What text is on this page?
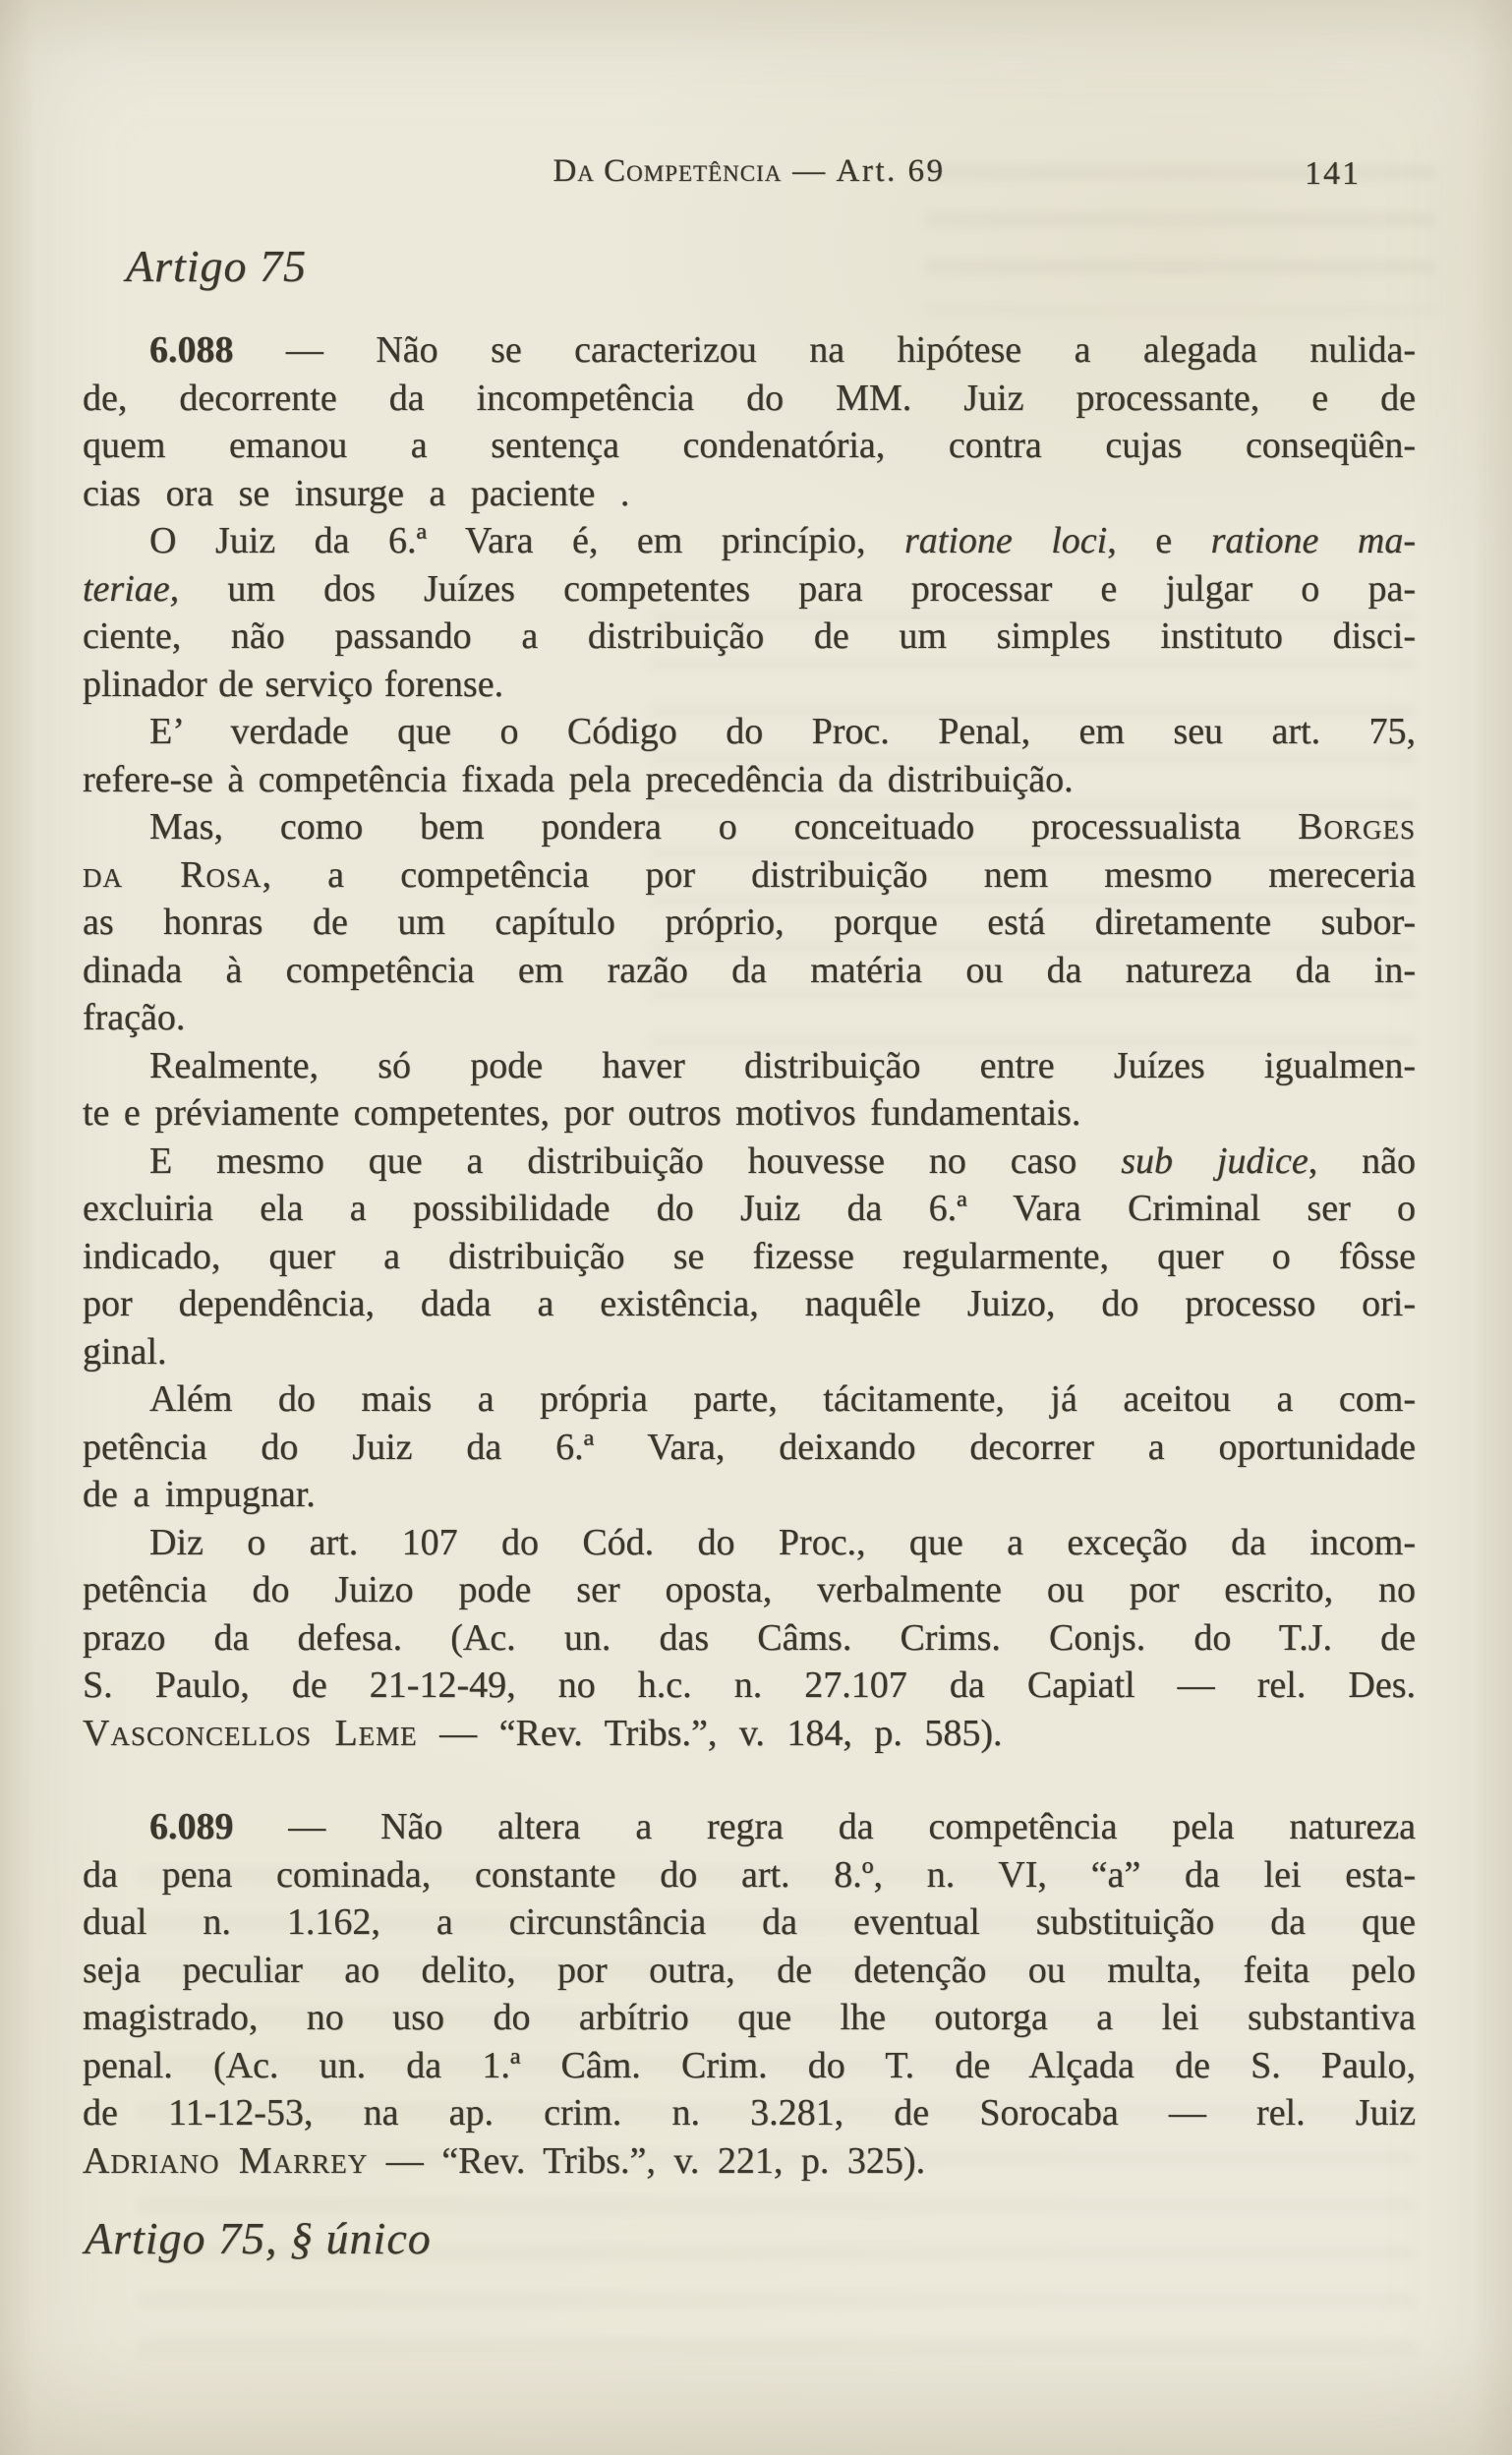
Da Competência — Art. 69	141
Artigo 75
6.088 — Não se caracterizou na hipótese a alegada nulida-
de, decorrente da incompetência do MM. Juiz processante, e de
quem emanou a sentença condenatória, contra cujas conseqüên-
cias ora se insurge a paciente .
O Juiz da 6.ª Vara é, em princípio, ratione loci, e ratione ma-
teriae, um dos Juízes competentes para processar e julgar o pa-
ciente, não passando a distribuição de um simples instituto disci-
plinador de serviço forense.
E’ verdade que o Código do Proc. Penal, em seu art. 75,
refere-se à competência fixada pela precedência da distribuição.
Mas, como bem pondera o conceituado processualista Borges
da Rosa, a competência por distribuição nem mesmo mereceria
as honras de um capítulo próprio, porque está diretamente subor-
dinada à competência em razão da matéria ou da natureza da in-
fração.
Realmente, só pode haver distribuição entre Juízes igualmen-
te e préviamente competentes, por outros motivos fundamentais.
E mesmo que a distribuição houvesse no caso sub judice, não
excluiria ela a possibilidade do Juiz da 6.ª Vara Criminal ser o
indicado, quer a distribuição se fizesse regularmente, quer o fôsse
por dependência, dada a existência, naquêle Juizo, do processo ori-
ginal.
Além do mais a própria parte, tácitamente, já aceitou a com-
petência do Juiz da 6.ª Vara, deixando decorrer a oportunidade
de a impugnar.
Diz o art. 107 do Cód. do Proc., que a exceção da incom-
petência do Juizo pode ser oposta, verbalmente ou por escrito, no
prazo da defesa. (Ac. un. das Câms. Crims. Conjs. do T.J. de
S. Paulo, de 21-12-49, no h.c. n. 27.107 da Capiatl — rel. Des.
Vasconcellos Leme — “Rev. Tribs.”, v. 184, p. 585).
6.089 — Não altera a regra da competência pela natureza
da pena cominada, constante do art. 8.º, n. VI, “a” da lei esta-
dual n. 1.162, a circunstância da eventual substituição da que
seja peculiar ao delito, por outra, de detenção ou multa, feita pelo
magistrado, no uso do arbítrio que lhe outorga a lei substantiva
penal. (Ac. un. da 1.ª Câm. Crim. do T. de Alçada de S. Paulo,
de 11-12-53, na ap. crim. n. 3.281, de Sorocaba — rel. Juiz
Adriano Marrey — “Rev. Tribs.”, v. 221, p. 325).
Artigo 75, § único
